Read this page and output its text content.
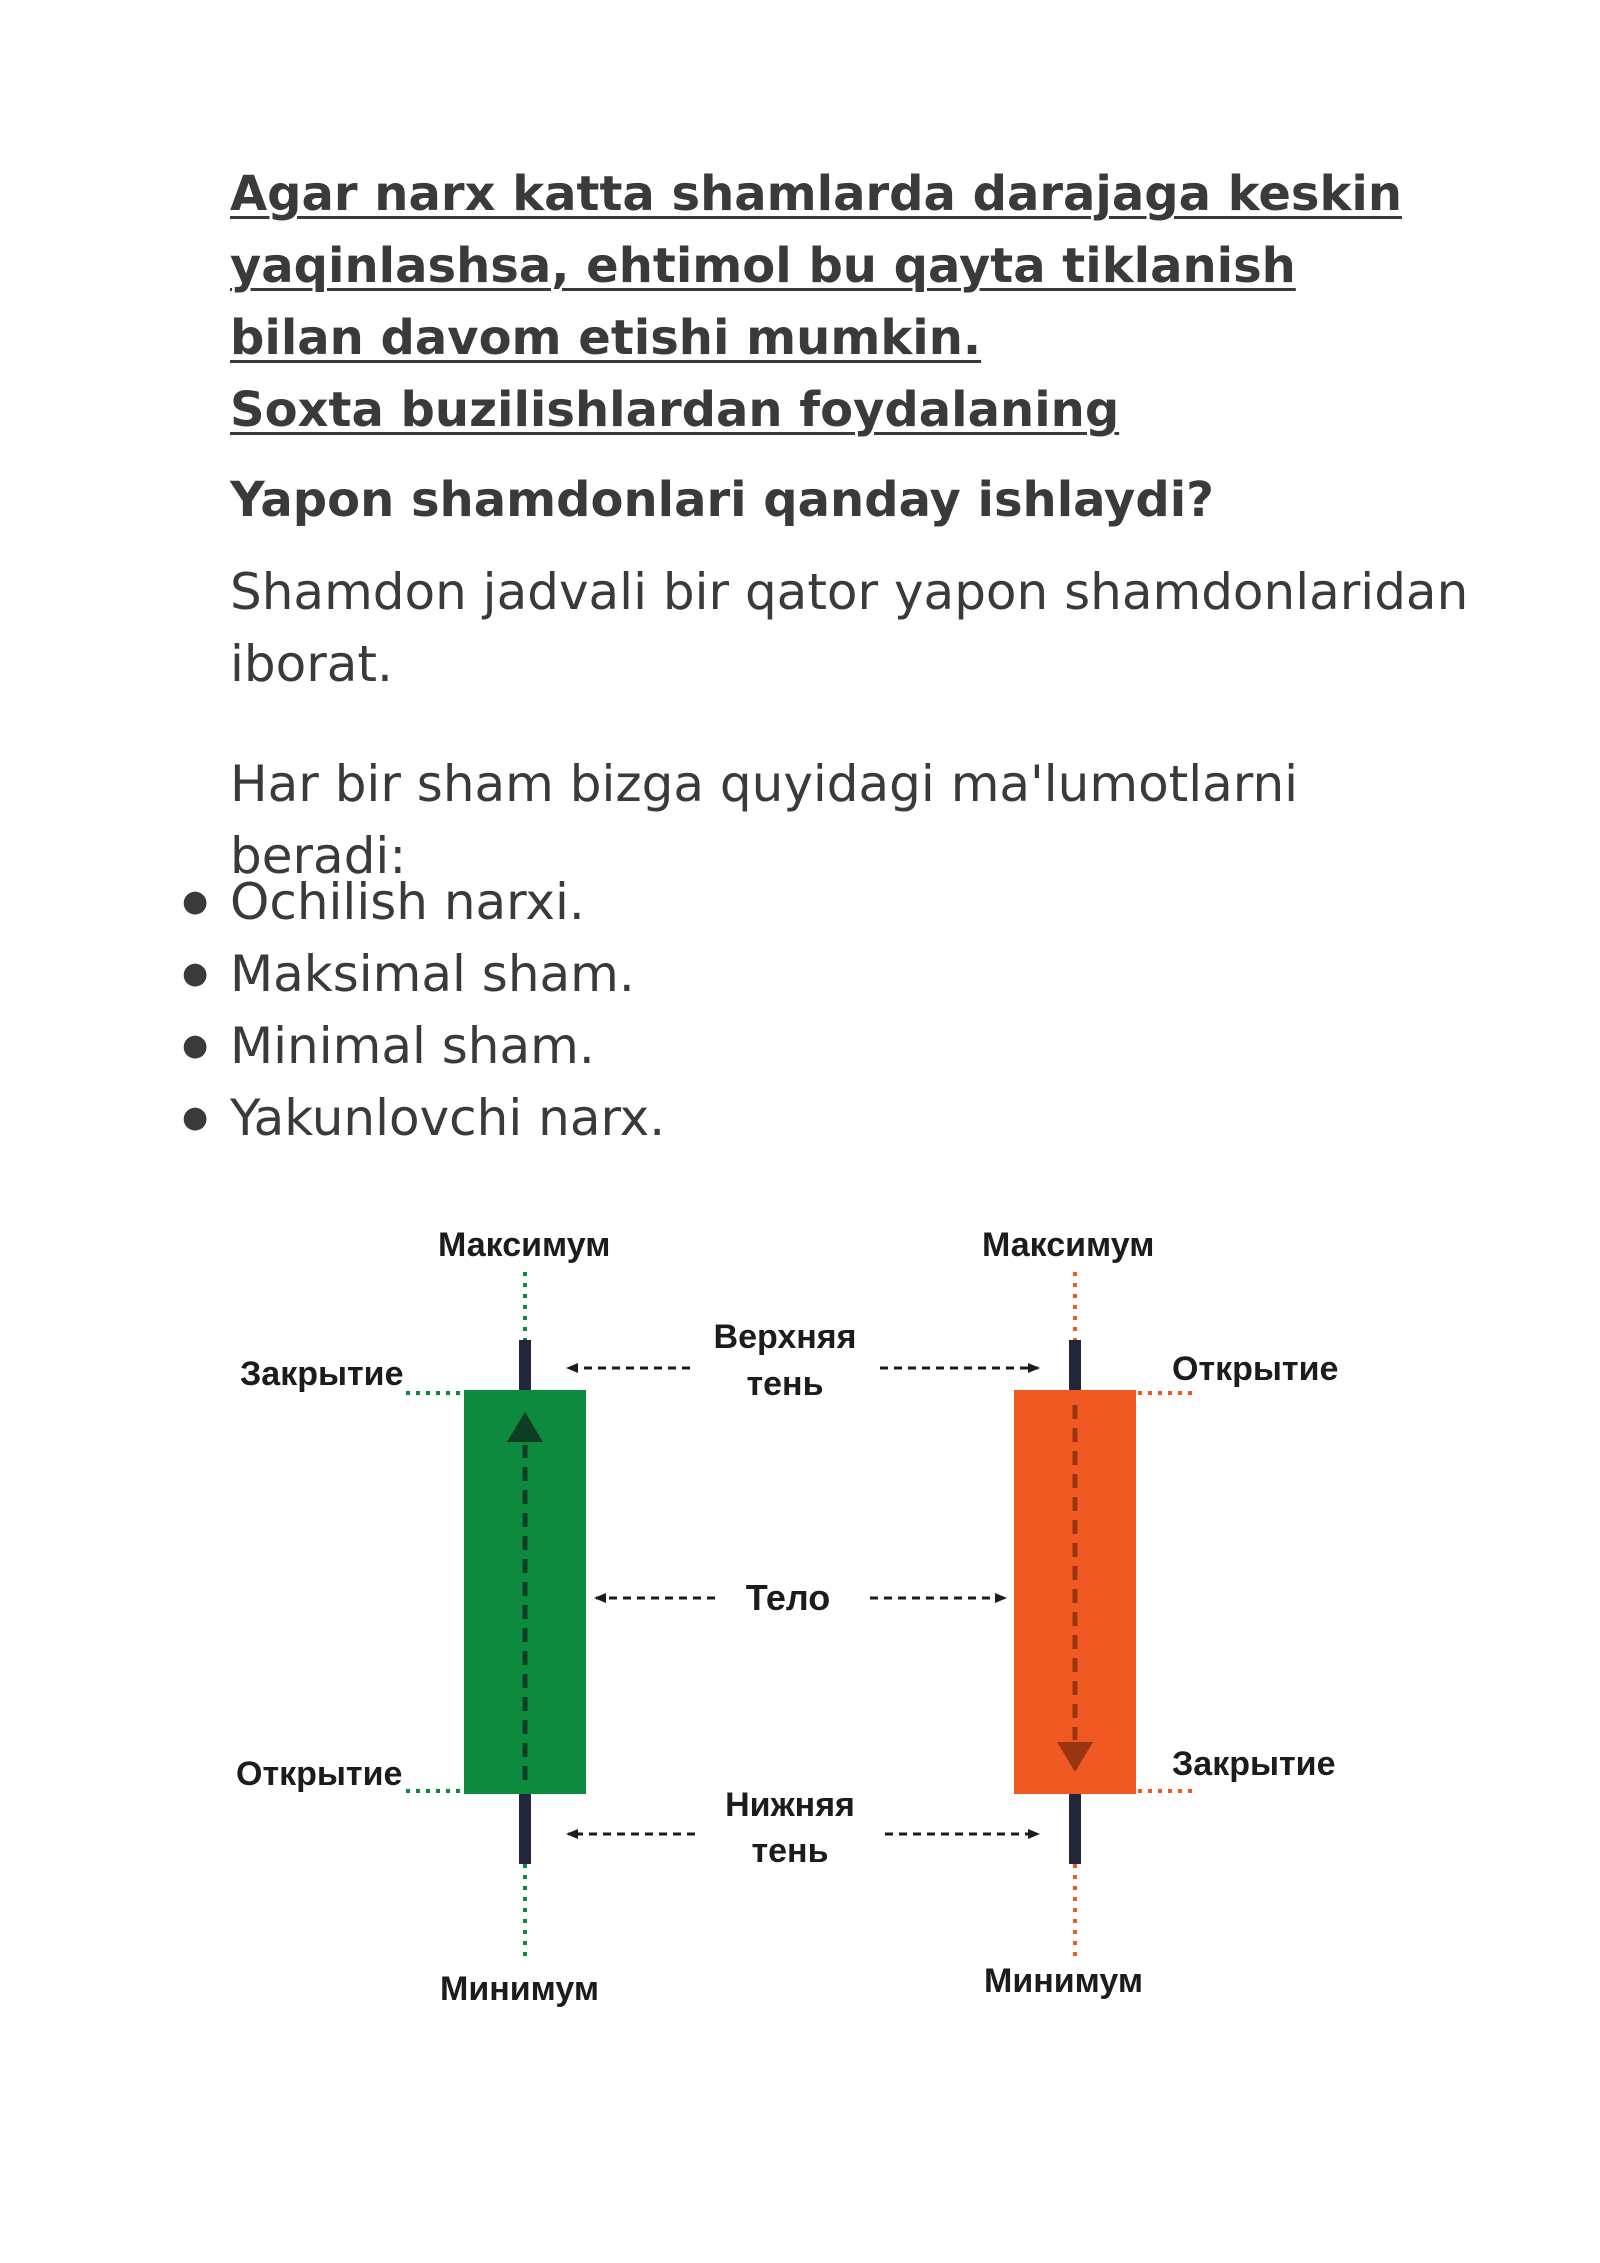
Agar narx katta shamlarda darajaga keskin yaqinlashsa, ehtimol bu qayta tiklanish bilan davom etishi mumkin.
Soxta buzilishlardan foydalaning

Yapon shamdonlari qanday ishlaydi?

Shamdon jadvali bir qator yapon shamdonlaridan iborat.

Har bir sham bizga quyidagi ma'lumotlarni beradi:

● Ochilish narxi.
● Maksimal sham.
● Minimal sham.
● Yakunlovchi narx.
Максимум
Закрытие
Открытие
Минимум
Максимум
Открытие
Закрытие
Минимум
Верхняя
тень
Тело
Нижняя
тень
